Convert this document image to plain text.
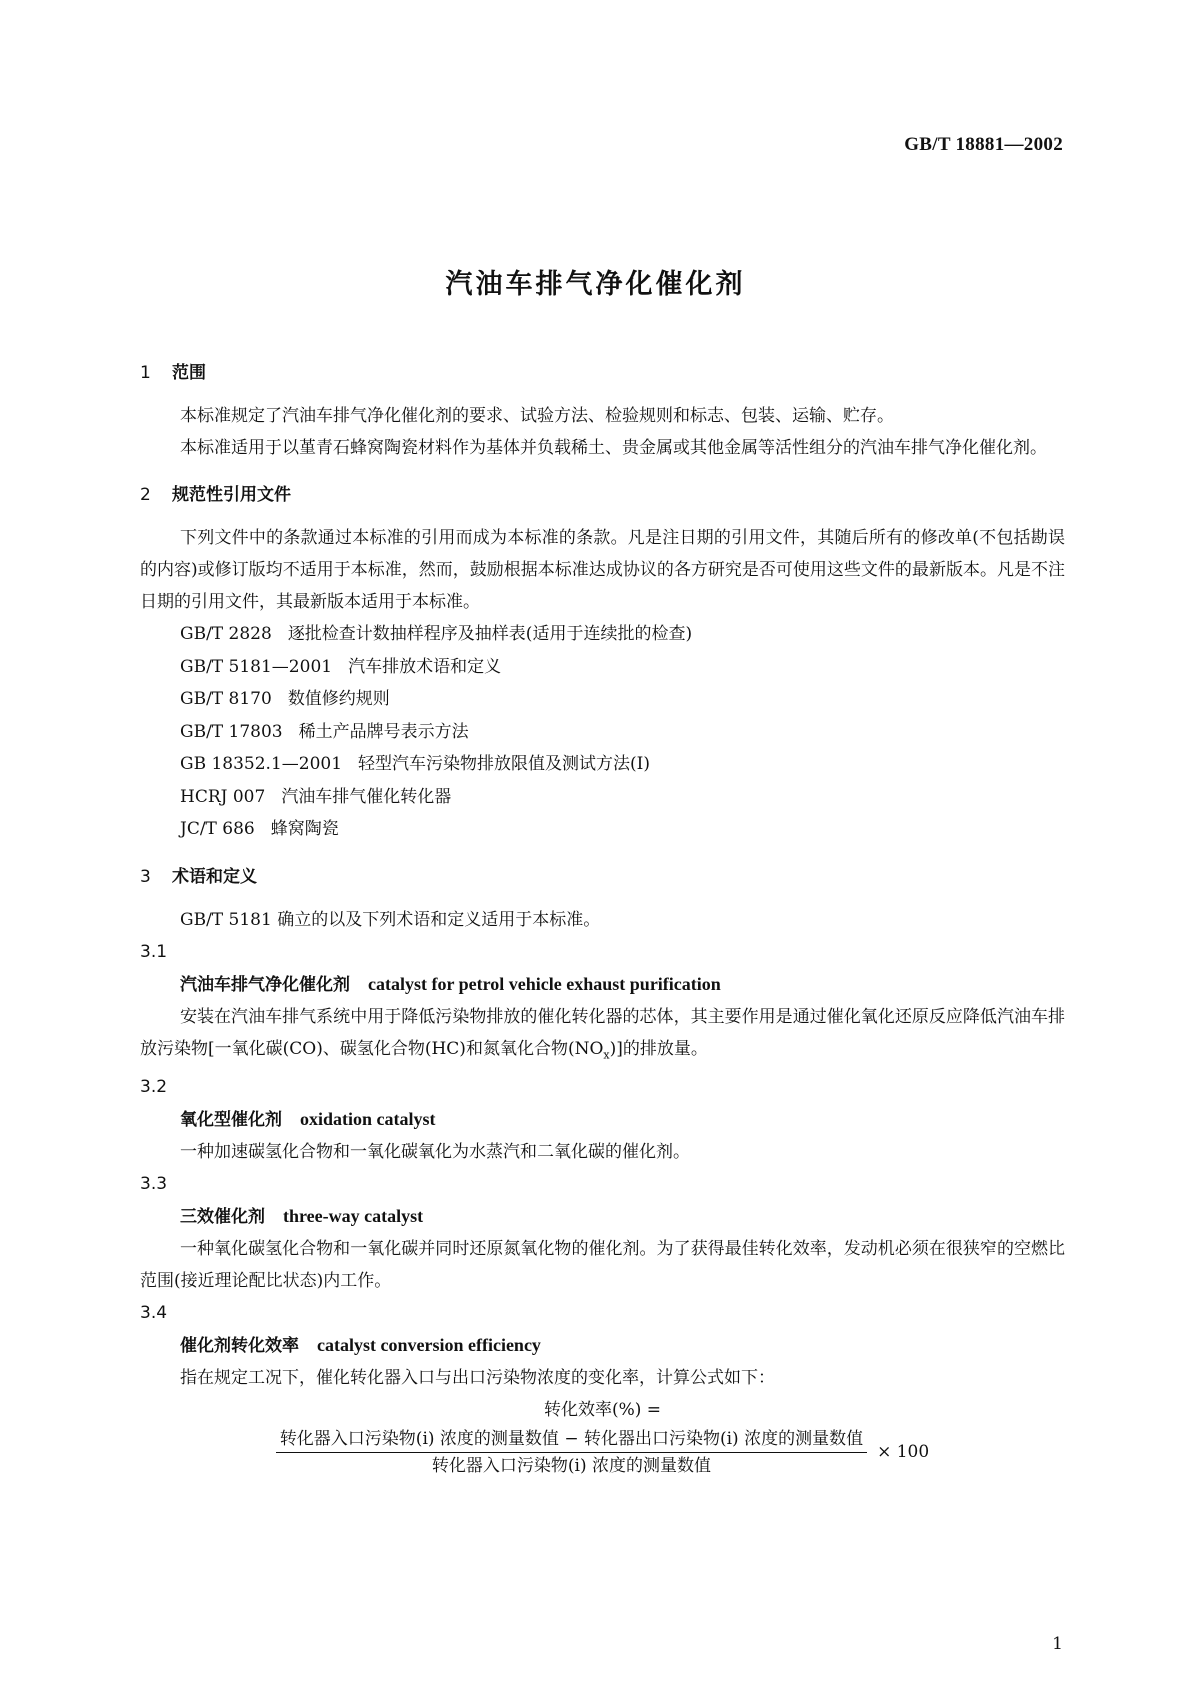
GB/T 18881—2002
汽油车排气净化催化剂
1 范围
本标准规定了汽油车排气净化催化剂的要求、试验方法、检验规则和标志、包装、运输、贮存。
本标准适用于以堇青石蜂窝陶瓷材料作为基体并负载稀土、贵金属或其他金属等活性组分的汽油车排气净化催化剂。
2 规范性引用文件
下列文件中的条款通过本标准的引用而成为本标准的条款。凡是注日期的引用文件，其随后所有的修改单(不包括勘误的内容)或修订版均不适用于本标准，然而，鼓励根据本标准达成协议的各方研究是否可使用这些文件的最新版本。凡是不注日期的引用文件，其最新版本适用于本标准。
GB/T 2828 逐批检查计数抽样程序及抽样表(适用于连续批的检查)
GB/T 5181—2001 汽车排放术语和定义
GB/T 8170 数值修约规则
GB/T 17803 稀土产品牌号表示方法
GB 18352.1—2001 轻型汽车污染物排放限值及测试方法(Ⅰ)
HCRJ 007 汽油车排气催化转化器
JC/T 686 蜂窝陶瓷
3 术语和定义
GB/T 5181 确立的以及下列术语和定义适用于本标准。
3.1
汽油车排气净化催化剂 catalyst for petrol vehicle exhaust purification
安装在汽油车排气系统中用于降低污染物排放的催化转化器的芯体，其主要作用是通过催化氧化还原反应降低汽油车排放污染物[一氧化碳(CO)、碳氢化合物(HC)和氮氧化合物$(NO_x)$]的排放量。
3.2
氧化型催化剂 oxidation catalyst
一种加速碳氢化合物和一氧化碳氧化为水蒸汽和二氧化碳的催化剂。
3.3
三效催化剂 three-way catalyst
一种氧化碳氢化合物和一氧化碳并同时还原氮氧化物的催化剂。为了获得最佳转化效率，发动机必须在很狭窄的空燃比范围(接近理论配比状态)内工作。
3.4
催化剂转化效率 catalyst conversion efficiency
指在规定工况下，催化转化器入口与出口污染物浓度的变化率，计算公式如下：
转化效率(%) =
$\frac{\text{转化器入口污染物(i) 浓度的测量数值 − 转化器出口污染物(i) 浓度的测量数值}}{\text{转化器入口污染物(i) 浓度的测量数值}} \times 100$
1
